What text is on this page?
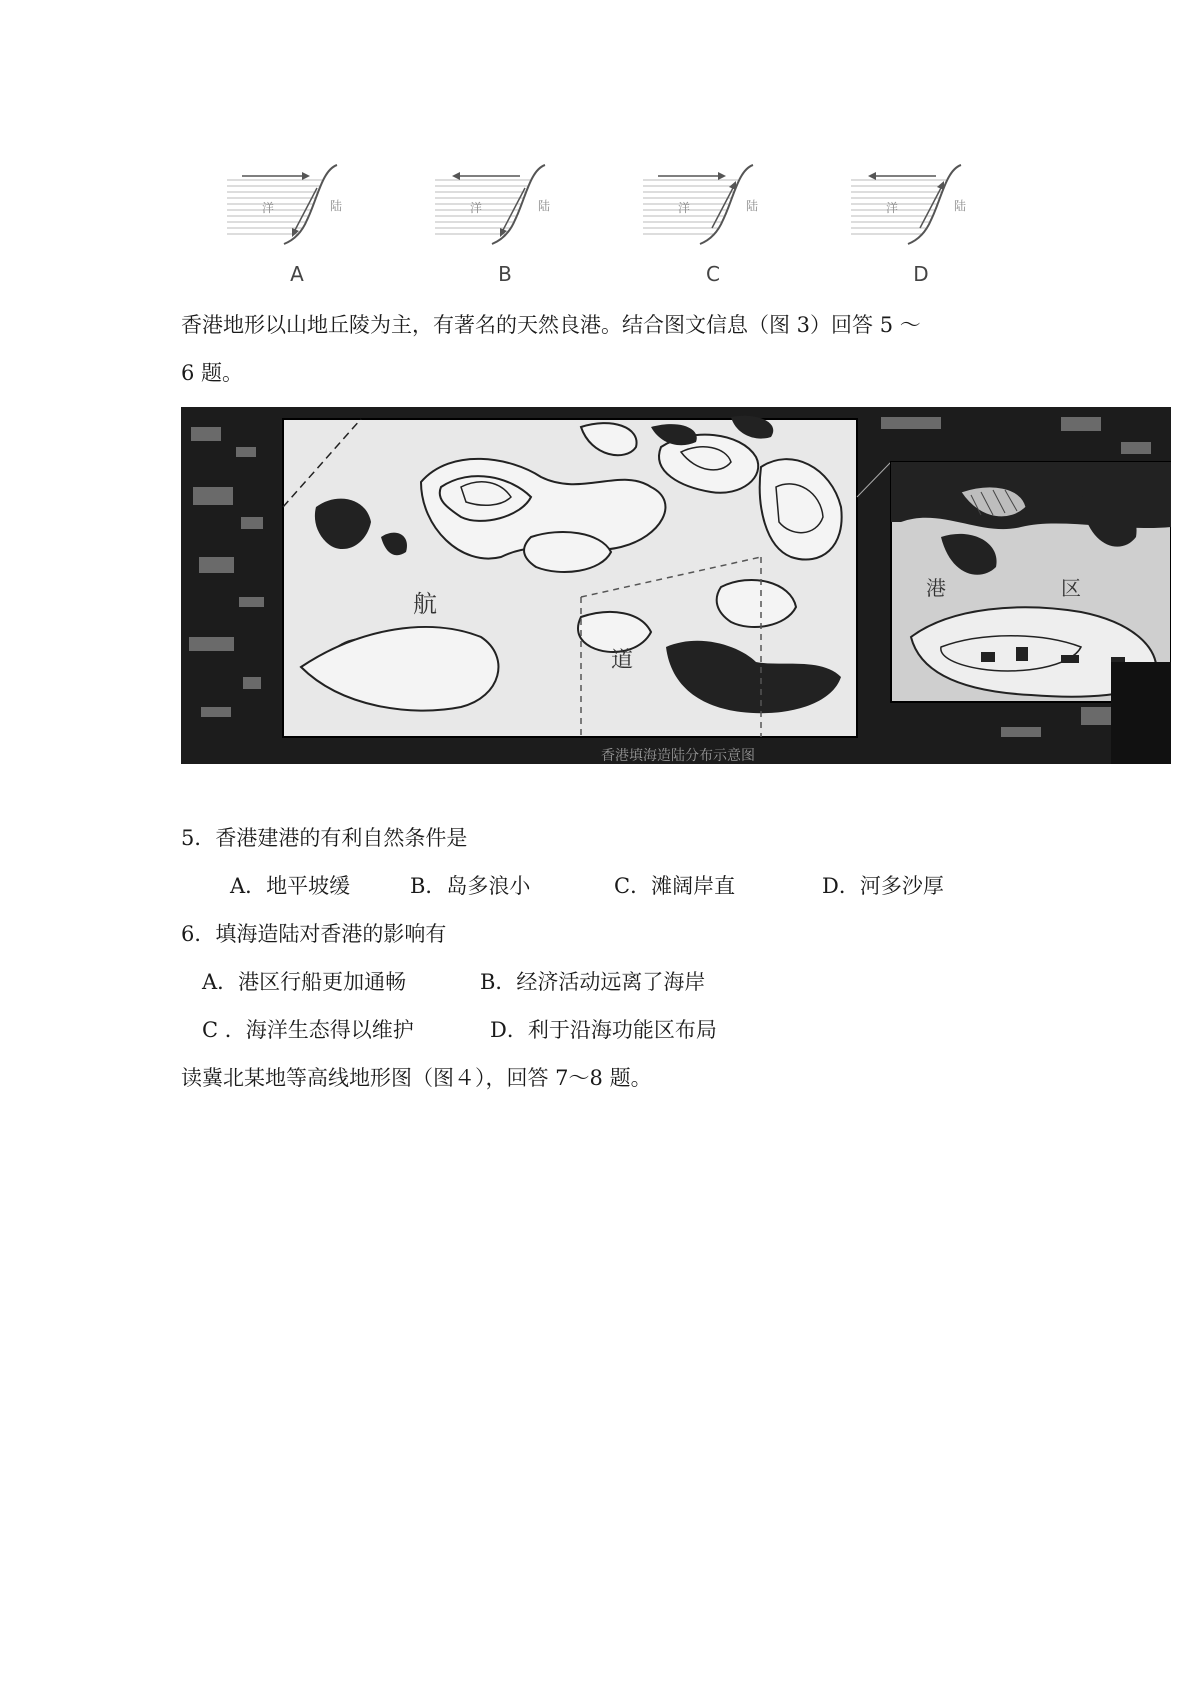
洋	陆
A
洋	陆
B
洋	陆
C
洋	陆
D
香港地形以山地丘陵为主，有著名的天然良港。结合图文信息（图 3）回答 5 ～
6 题。
航
道
港	区
香港填海造陆分布示意图
5．香港建港的有利自然条件是
A．地平坡缓	B．岛多浪小	C．滩阔岸直	D．河多沙厚
6．填海造陆对香港的影响有
A．港区行船更加通畅	B．经济活动远离了海岸
C ．海洋生态得以维护	D．利于沿海功能区布局
读冀北某地等高线地形图（图４），回答 7～8 题。
